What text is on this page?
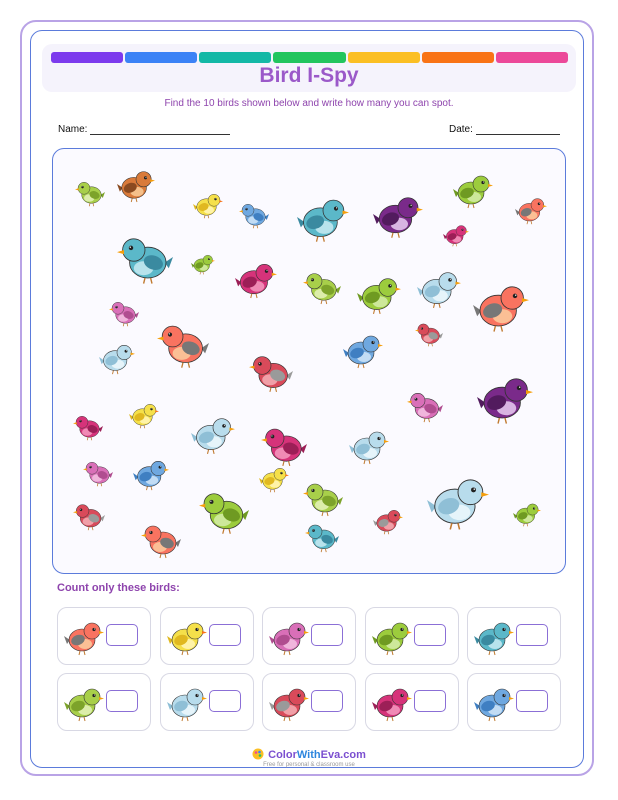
Bird I-Spy
Find the 10 birds shown below and write how many you can spot.
Name:	Date:
Count only these birds:
ColorWithEva.com
Free for personal & classroom use
